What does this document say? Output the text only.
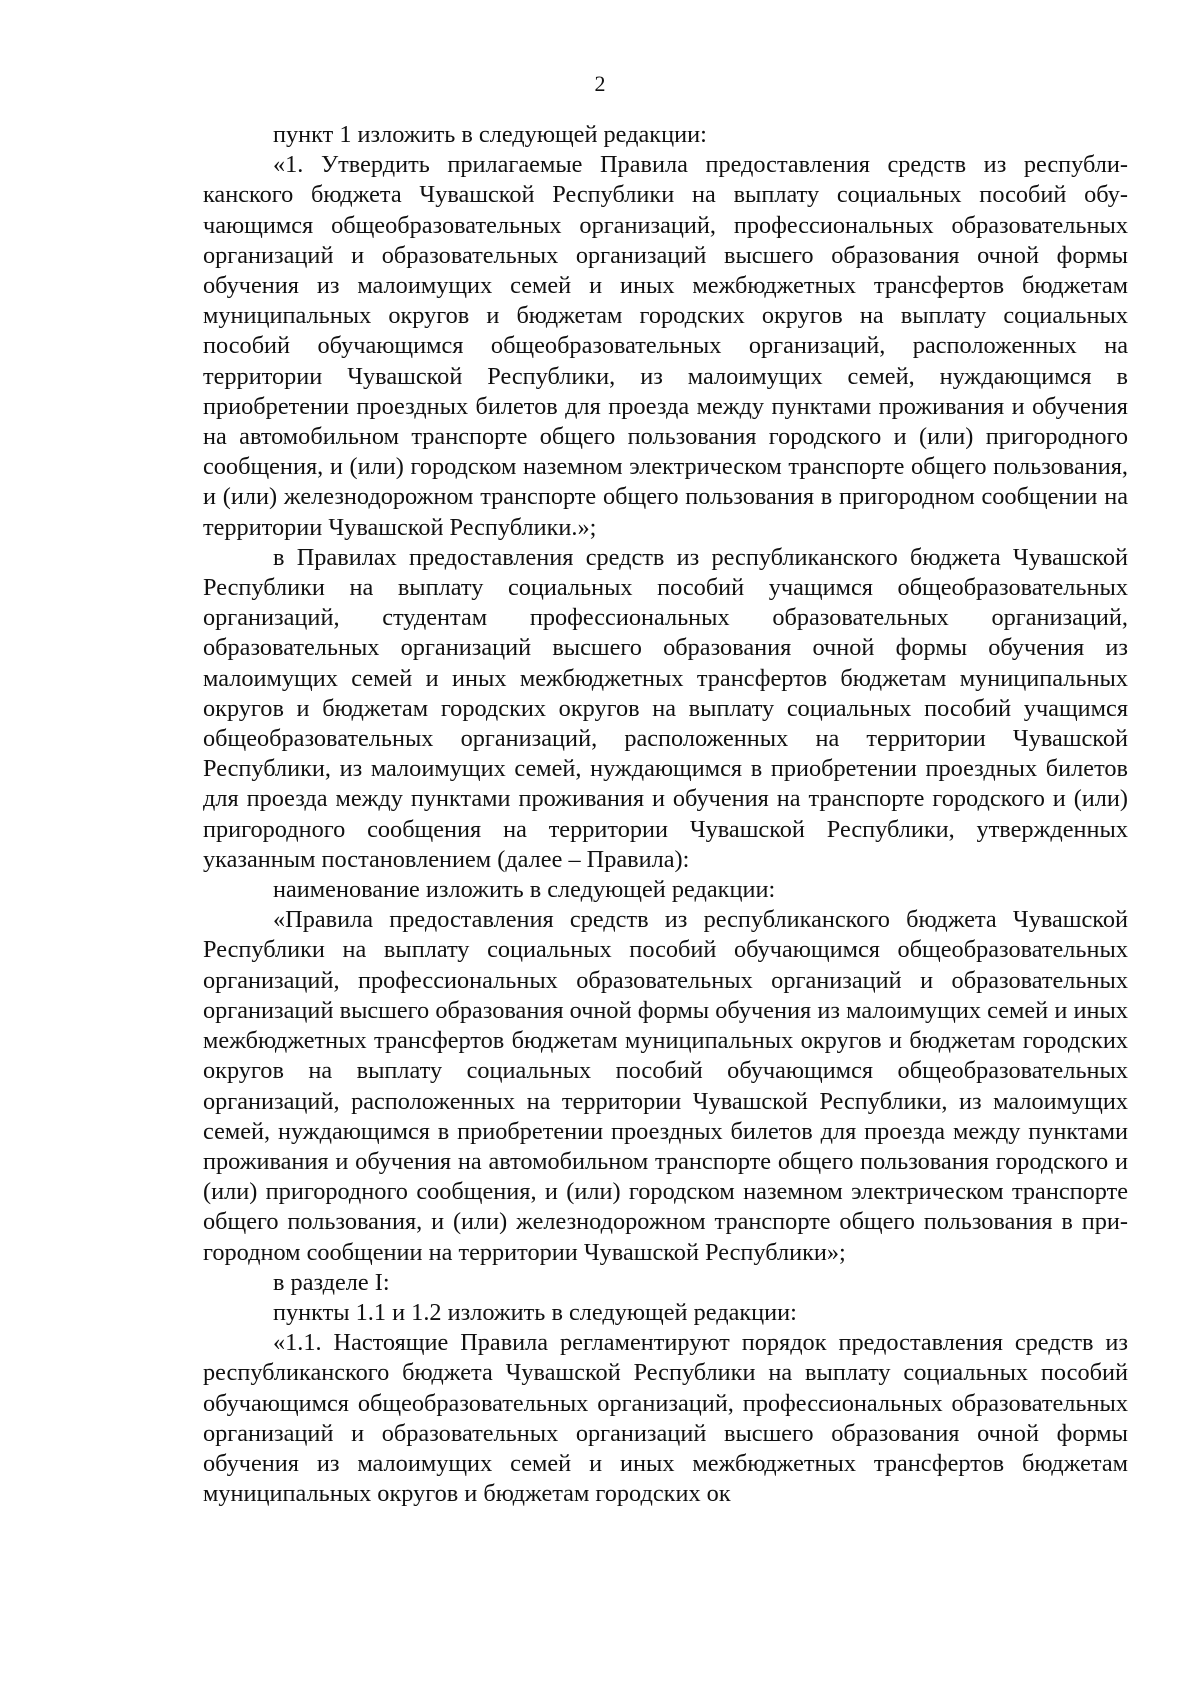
2

пункт 1 изложить в следующей редакции:

«1. Утвердить прилагаемые Правила предоставления средств из республиканского бюджета Чувашской Республики на выплату социальных пособий обучающимся общеобразовательных организаций, профессиональных образовательных организаций и образовательных организаций высшего образования очной формы обучения из малоимущих семей и иных межбюджетных трансфертов бюджетам муниципальных округов и бюджетам городских округов на выплату социальных пособий обучающимся общеобразовательных организаций, расположенных на территории Чувашской Республики, из малоимущих семей, нуждающимся в приобретении проездных билетов для проезда между пунктами проживания и обучения на автомобильном транспорте общего пользования городского и (или) пригородного сообщения, и (или) городском наземном электрическом транспорте общего пользования, и (или) железнодорожном транспорте общего пользования в пригородном сообщении на территории Чувашской Республики.»;

в Правилах предоставления средств из республиканского бюджета Чувашской Республики на выплату социальных пособий учащимся общеобразовательных организаций, студентам профессиональных образовательных организаций, образовательных организаций высшего образования очной формы обучения из малоимущих семей и иных межбюджетных трансфертов бюджетам муниципальных округов и бюджетам городских округов на выплату социальных пособий учащимся общеобразовательных организаций, расположенных на территории Чувашской Республики, из малоимущих семей, нуждающимся в приобретении проездных билетов для проезда между пунктами проживания и обучения на транспорте городского и (или) пригородного сообщения на территории Чувашской Республики, утвержденных указанным постановлением (далее – Правила):

наименование изложить в следующей редакции:

«Правила предоставления средств из республиканского бюджета Чувашской Республики на выплату социальных пособий обучающимся общеобразовательных организаций, профессиональных образовательных организаций и образовательных организаций высшего образования очной формы обучения из малоимущих семей и иных межбюджетных трансфертов бюджетам муниципальных округов и бюджетам городских округов на выплату социальных пособий обучающимся общеобразовательных организаций, расположенных на территории Чувашской Республики, из малоимущих семей, нуждающимся в приобретении проездных билетов для проезда между пунктами проживания и обучения на автомобильном транспорте общего пользования городского и (или) пригородного сообщения, и (или) городском наземном электрическом транспорте общего пользования, и (или) железнодорожном транспорте общего пользования в пригородном сообщении на территории Чувашской Республики»;

в разделе I:

пункты 1.1 и 1.2 изложить в следующей редакции:

«1.1. Настоящие Правила регламентируют порядок предоставления средств из республиканского бюджета Чувашской Республики на выплату социальных пособий обучающимся общеобразовательных организаций, профессиональных образовательных организаций и образовательных организаций высшего образования очной формы обучения из малоимущих семей и иных межбюджетных трансфертов бюджетам муниципальных округов и бюджетам городских ок
